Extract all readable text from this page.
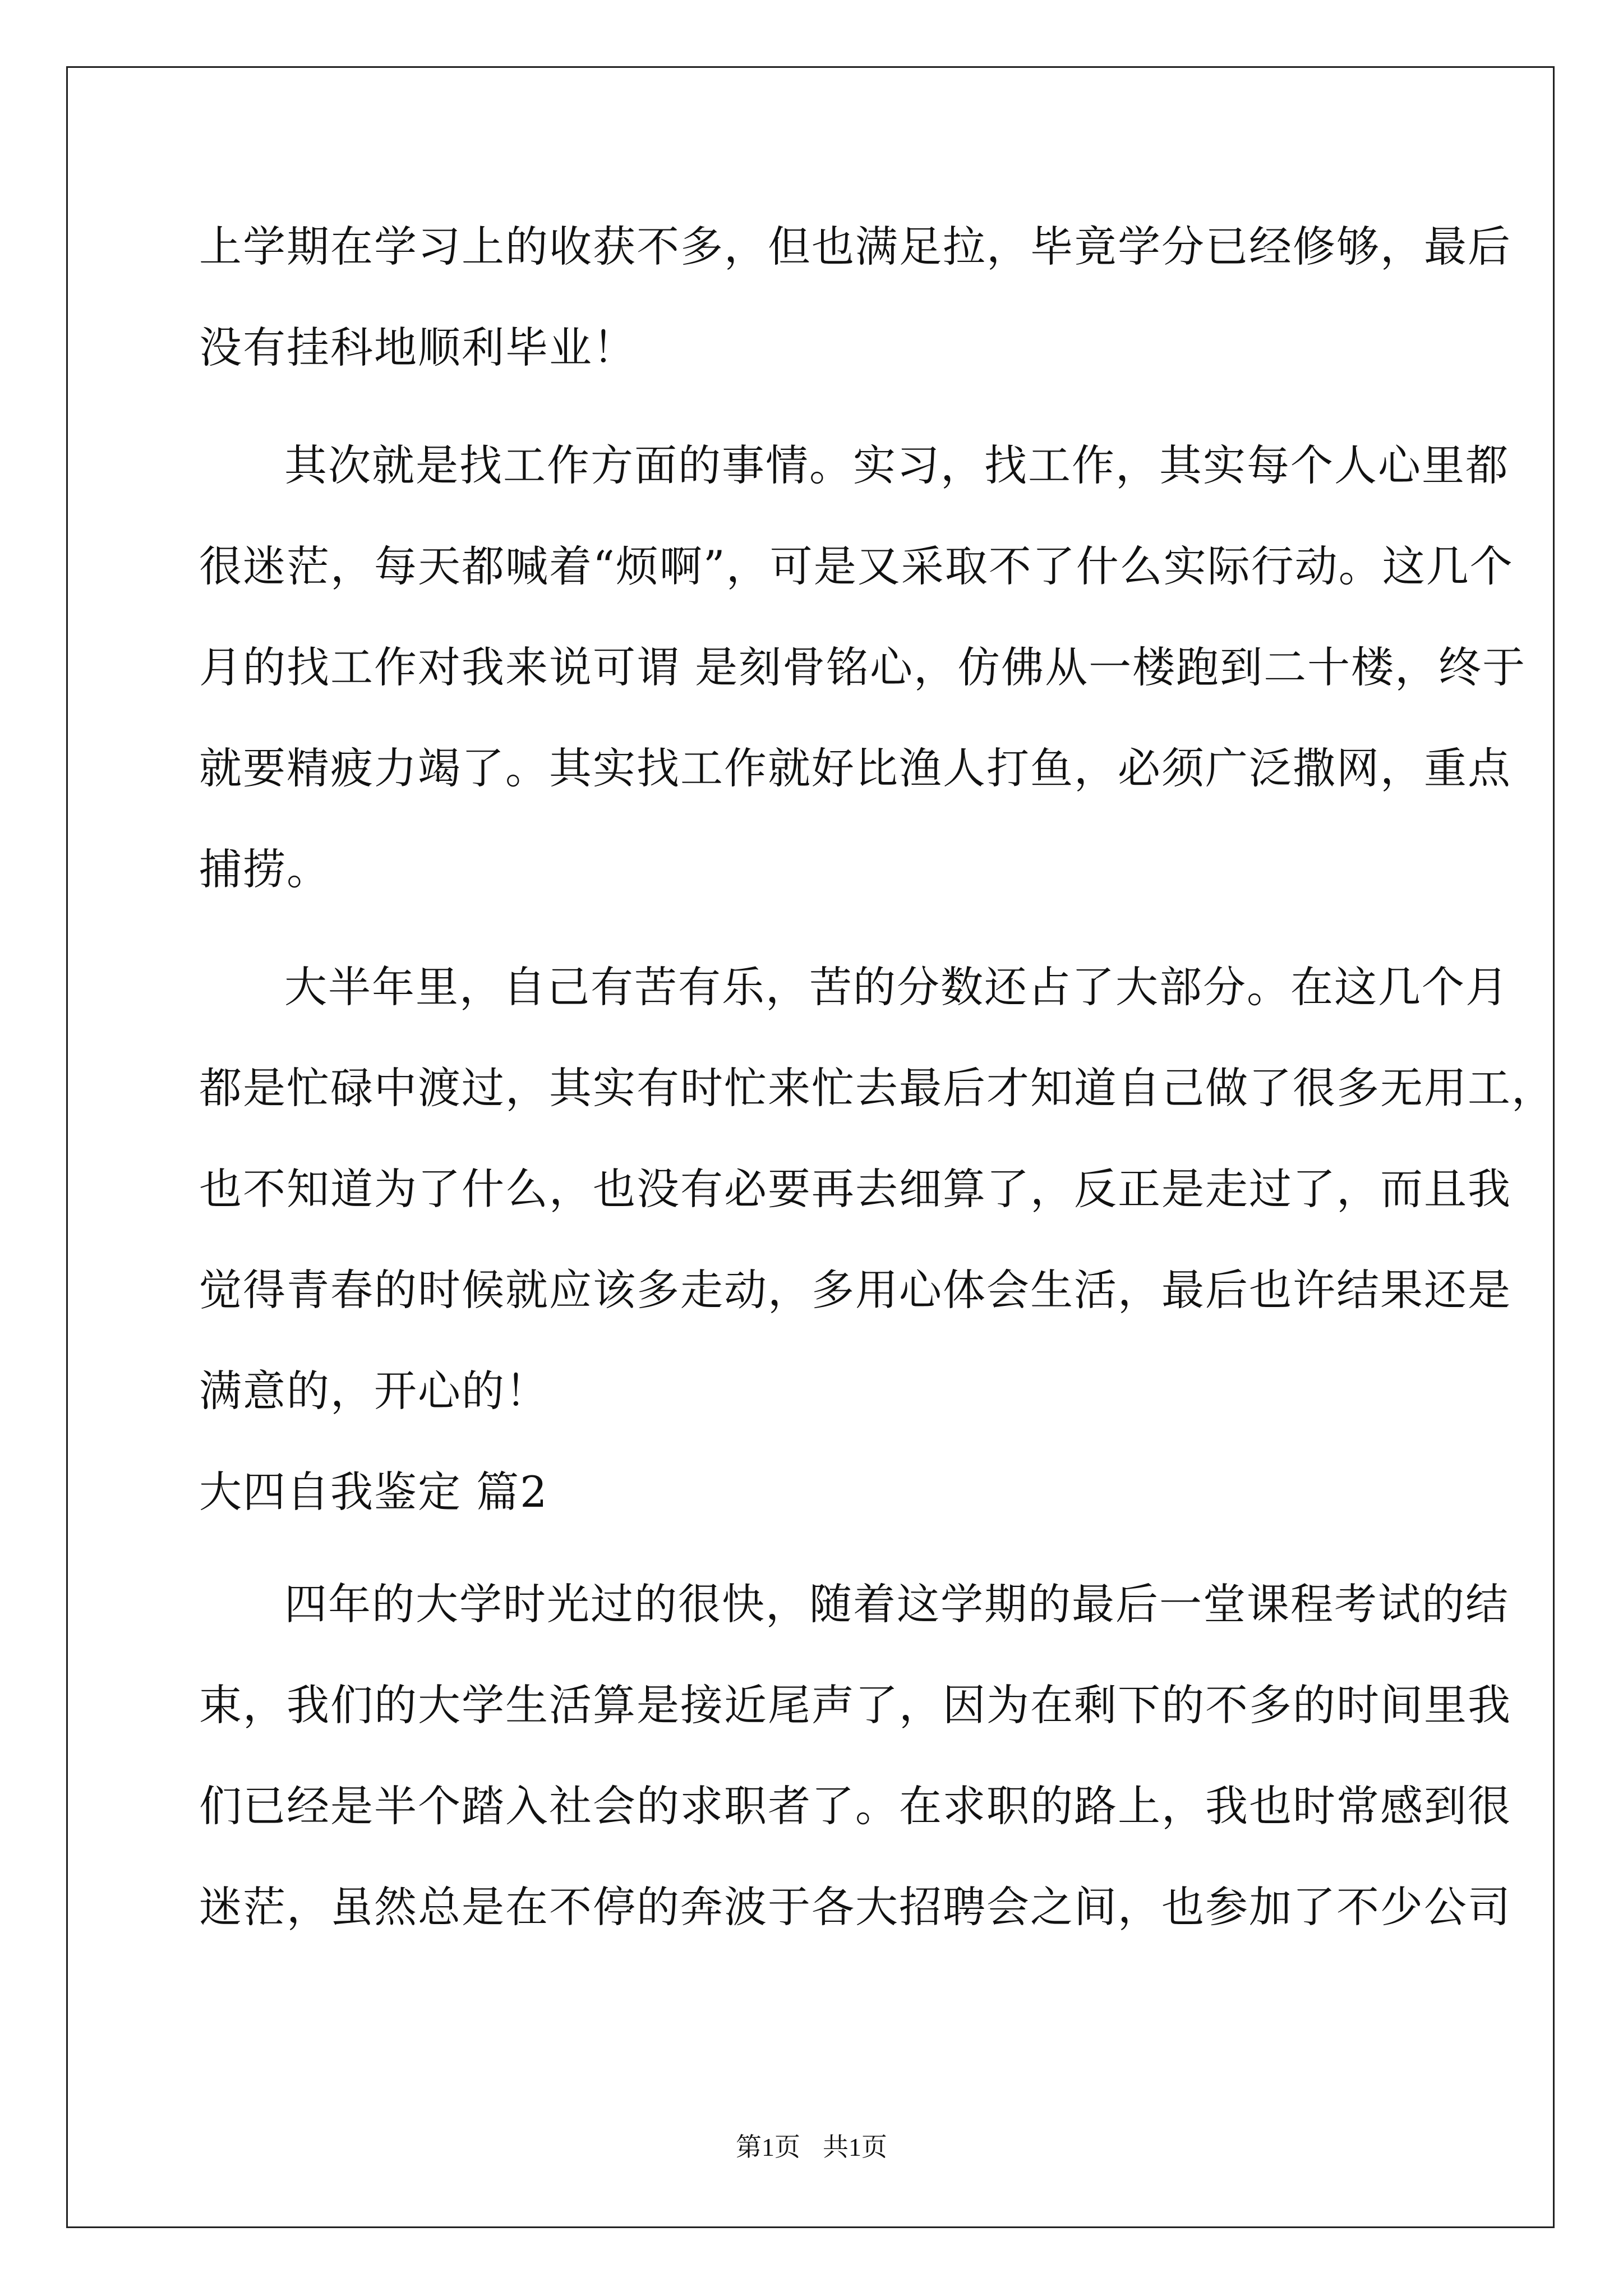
上学期在学习上的收获不多，但也满足拉，毕竟学分已经修够，最后
没有挂科地顺利毕业！
其次就是找工作方面的事情。实习，找工作，其实每个人心里都
很迷茫，每天都喊着“烦啊”，可是又采取不了什么实际行动。这几个
月的找工作对我来说可谓 是刻骨铭心，仿佛从一楼跑到二十楼，终于
就要精疲力竭了。其实找工作就好比渔人打鱼，必须广泛撒网，重点
捕捞。
大半年里，自己有苦有乐，苦的分数还占了大部分。在这几个月
都是忙碌中渡过，其实有时忙来忙去最后才知道自己做了很多无用工，
也不知道为了什么，也没有必要再去细算了，反正是走过了，而且我
觉得青春的时候就应该多走动，多用心体会生活，最后也许结果还是
满意的，开心的！
大四自我鉴定 篇2
四年的大学时光过的很快，随着这学期的最后一堂课程考试的结
束，我们的大学生活算是接近尾声了，因为在剩下的不多的时间里我
们已经是半个踏入社会的求职者了。在求职的路上，我也时常感到很
迷茫，虽然总是在不停的奔波于各大招聘会之间，也参加了不少公司
第1页 共1页
